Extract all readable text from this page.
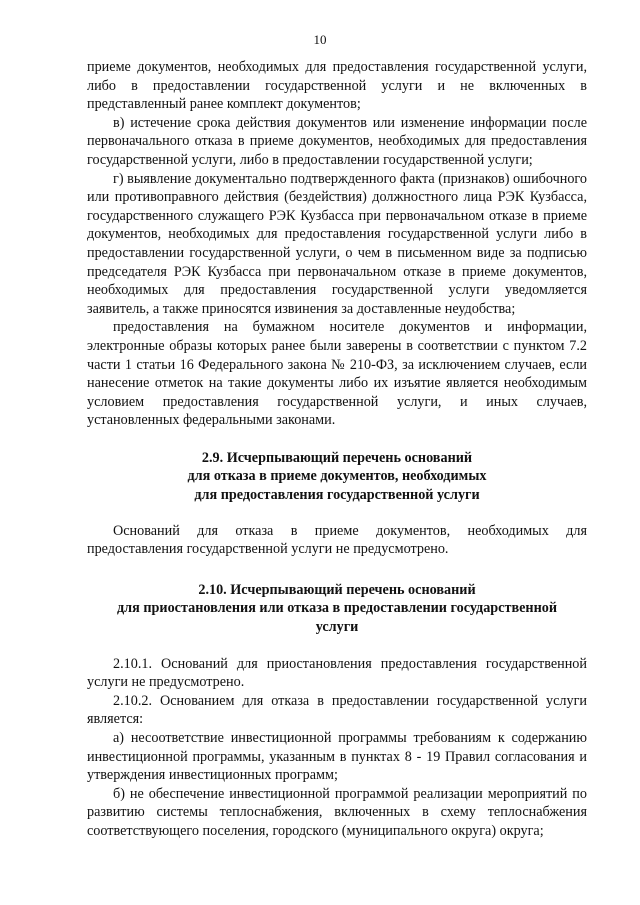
10

приеме документов, необходимых для предоставления государственной услуги, либо в предоставлении государственной услуги и не включенных в представленный ранее комплект документов;

в) истечение срока действия документов или изменение информации после первоначального отказа в приеме документов, необходимых для предоставления государственной услуги, либо в предоставлении государственной услуги;

г) выявление документально подтвержденного факта (признаков) ошибочного или противоправного действия (бездействия) должностного лица РЭК Кузбасса, государственного служащего РЭК Кузбасса при первоначальном отказе в приеме документов, необходимых для предоставления государственной услуги либо в предоставлении государственной услуги, о чем в письменном виде за подписью председателя РЭК Кузбасса при первоначальном отказе в приеме документов, необходимых для предоставления государственной услуги уведомляется заявитель, а также приносятся извинения за доставленные неудобства;

предоставления на бумажном носителе документов и информации, электронные образы которых ранее были заверены в соответствии с пунктом 7.2 части 1 статьи 16 Федерального закона № 210-ФЗ, за исключением случаев, если нанесение отметок на такие документы либо их изъятие является необходимым условием предоставления государственной услуги, и иных случаев, установленных федеральными законами.

2.9. Исчерпывающий перечень оснований

для отказа в приеме документов, необходимых

для предоставления государственной услуги

Оснований для отказа в приеме документов, необходимых для предоставления государственной услуги не предусмотрено.

2.10. Исчерпывающий перечень оснований

для приостановления или отказа в предоставлении государственной

услуги

2.10.1. Оснований для приостановления предоставления государственной услуги не предусмотрено.

2.10.2. Основанием для отказа в предоставлении государственной услуги является:

а) несоответствие инвестиционной программы требованиям к содержанию инвестиционной программы, указанным в пунктах 8 - 19 Правил согласования и утверждения инвестиционных программ;

б) не обеспечение инвестиционной программой реализации мероприятий по развитию системы теплоснабжения, включенных в схему теплоснабжения соответствующего поселения, городского (муниципального округа) округа;
